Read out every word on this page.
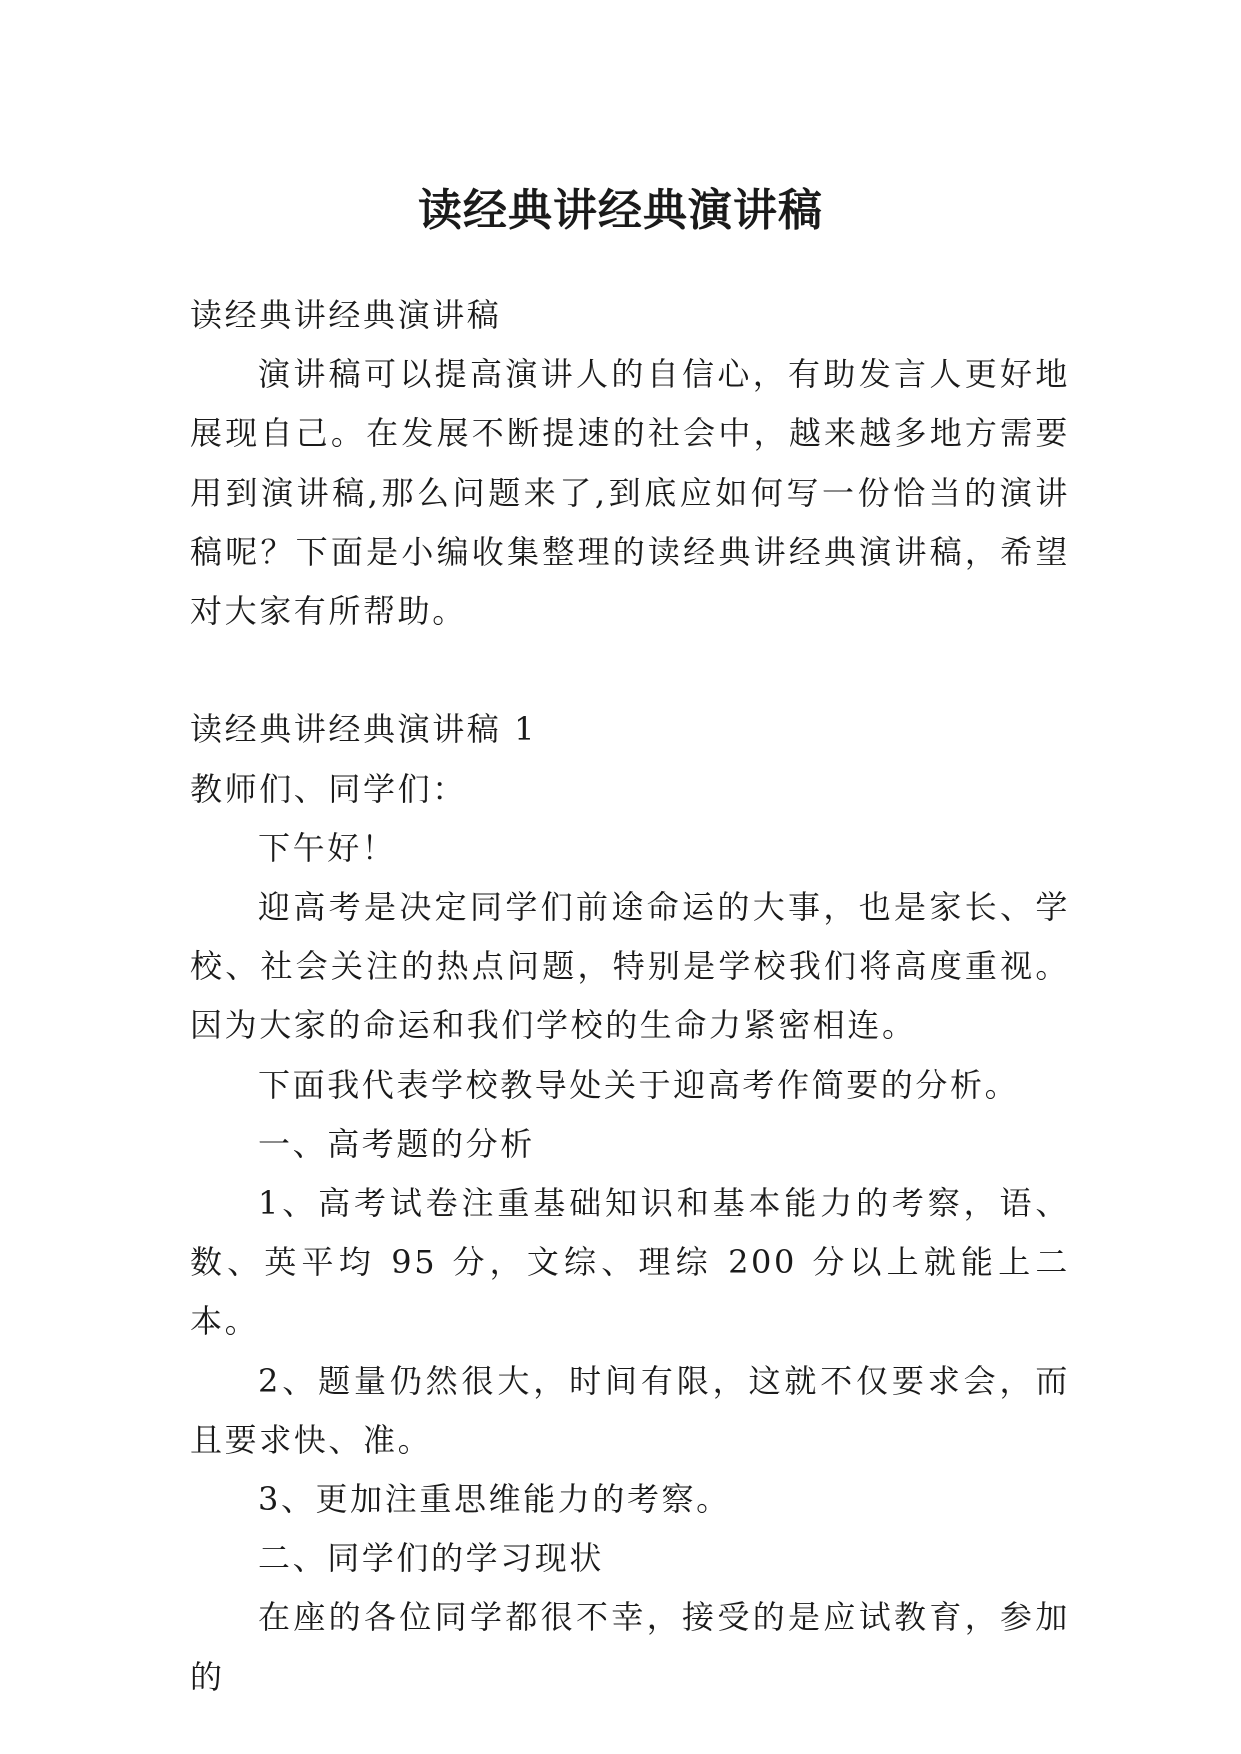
读经典讲经典演讲稿

读经典讲经典演讲稿

演讲稿可以提高演讲人的自信心，有助发言人更好地展现自己。在发展不断提速的社会中，越来越多地方需要用到演讲稿,那么问题来了,到底应如何写一份恰当的演讲稿呢？下面是小编收集整理的读经典讲经典演讲稿，希望对大家有所帮助。

读经典讲经典演讲稿 1

教师们、同学们：

下午好！

迎高考是决定同学们前途命运的大事，也是家长、学校、社会关注的热点问题，特别是学校我们将高度重视。因为大家的命运和我们学校的生命力紧密相连。

下面我代表学校教导处关于迎高考作简要的分析。

一、高考题的分析

1、高考试卷注重基础知识和基本能力的考察，语、数、英平均 95 分，文综、理综 200 分以上就能上二本。

2、题量仍然很大，时间有限，这就不仅要求会，而且要求快、准。

3、更加注重思维能力的考察。

二、同学们的学习现状

在座的各位同学都很不幸，接受的是应试教育，参加的
